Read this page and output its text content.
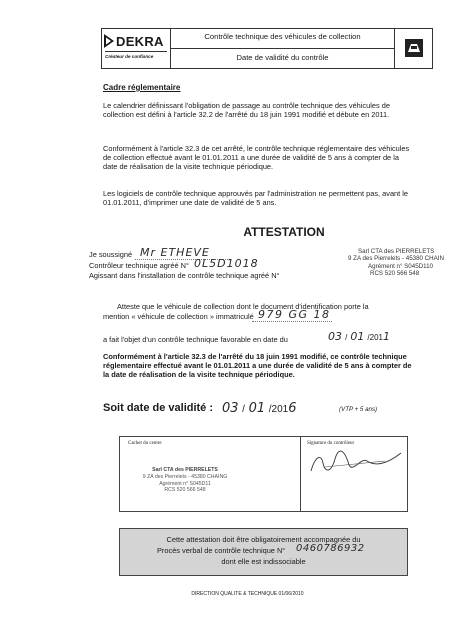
DEKRA
Créateur de confiance
Contrôle technique des véhicules de collection
Date de validité du contrôle
Cadre réglementaire
Le calendrier définissant l'obligation de passage au contrôle technique des véhicules de collection est défini à l'article 32.2 de l'arrêté du 18 juin 1991 modifié et débute en 2011.
Conformément à l'article 32.3 de cet arrêté, le contrôle technique réglementaire des véhicules de collection effectué avant le 01.01.2011 a une durée de validité de 5 ans à compter de la date de réalisation de la visite technique périodique.
Les logiciels de contrôle technique approuvés par l'administration ne permettent pas, avant le 01.01.2011, d'imprimer une date de validité de 5 ans.
ATTESTATION
Je soussigné Mr ETHEVE
Contrôleur technique agréé N° 0L5D1018
Agissant dans l'installation de contrôle technique agréé N°
Sarl CTA des PIERRELETS
9 ZA des Pierrelets - 45380 CHAIN
Agrément n° S045D110
RCS 520 566 548
Atteste que le véhicule de collection dont le document d'identification porte la
mention « véhicule de collection » immatriculé 979 GG 18
a fait l'objet d'un contrôle technique favorable en date du	03 / 01 /2011
Conformément à l'article 32.3 de l'arrêté du 18 juin 1991 modifié, ce contrôle technique réglementaire effectué avant le 01.01.2011 a une durée de validité de 5 ans à compter de la date de réalisation de la visite technique périodique.
Soit date de validité : 03 / 01 /2016	(VTP + 5 ans)
Cachet du centre
Sarl CTA des PIERRELETS
9 ZA des Pierrelets - 45380 CHAING
Agrément n° S045D11
RCS 520 566 548
Signature du contrôleur
Cette attestation doit être obligatoirement accompagnée du
Procès verbal de contrôle technique N° 0460786932
dont elle est indissociable
DIRECTION QUALITE & TECHNIQUE 01/06/2010
